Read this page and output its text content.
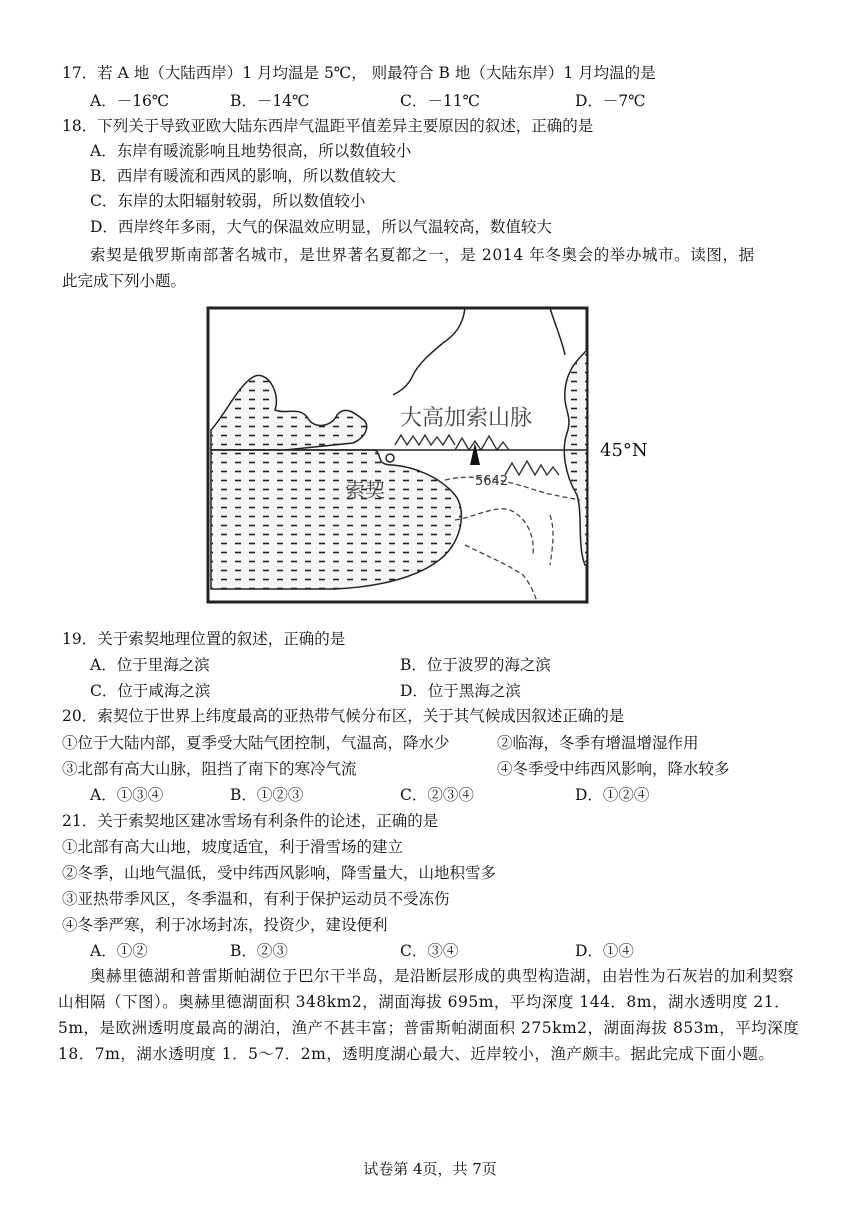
17．若 A 地（大陆西岸）1 月均温是 5℃， 则最符合 B 地（大陆东岸）1 月均温的是
A．－16℃	B．－14℃	C．－11℃	D．－7℃
18．下列关于导致亚欧大陆东西岸气温距平值差异主要原因的叙述，正确的是
A．东岸有暖流影响且地势很高，所以数值较小
B．西岸有暖流和西风的影响，所以数值较大
C．东岸的太阳辐射较弱，所以数值较小
D．西岸终年多雨，大气的保温效应明显，所以气温较高，数值较大
索契是俄罗斯南部著名城市，是世界著名夏都之一，是 2014 年冬奥会的举办城市。读图，据
此完成下列小题。
大高加索山脉
索契	5642
45°N
19．关于索契地理位置的叙述，正确的是
A．位于里海之滨	B．位于波罗的海之滨
C．位于咸海之滨	D．位于黑海之滨
20．索契位于世界上纬度最高的亚热带气候分布区，关于其气候成因叙述正确的是
①位于大陆内部，夏季受大陆气团控制，气温高，降水少	②临海，冬季有增温增湿作用
③北部有高大山脉，阻挡了南下的寒冷气流	④冬季受中纬西风影响，降水较多
A．①③④	B．①②③	C．②③④	D．①②④
21．关于索契地区建冰雪场有利条件的论述，正确的是
①北部有高大山地，坡度适宜，利于滑雪场的建立
②冬季，山地气温低，受中纬西风影响，降雪量大，山地积雪多
③亚热带季风区，冬季温和，有利于保护运动员不受冻伤
④冬季严寒，利于冰场封冻，投资少，建设便利
A．①②	B．②③	C．③④	D．①④
奥赫里德湖和普雷斯帕湖位于巴尔干半岛，是沿断层形成的典型构造湖，由岩性为石灰岩的加利契察山相隔（下图）。奥赫里德湖面积 348km2，湖面海拔 695m，平均深度 144．8m，湖水透明度 21．5m，是欧洲透明度最高的湖泊，渔产不甚丰富；普雷斯帕湖面积 275km2，湖面海拔 853m，平均深度 18．7m，湖水透明度 1．5～7．2m，透明度湖心最大、近岸较小，渔产颇丰。据此完成下面小题。
试卷第 4页，共 7页
